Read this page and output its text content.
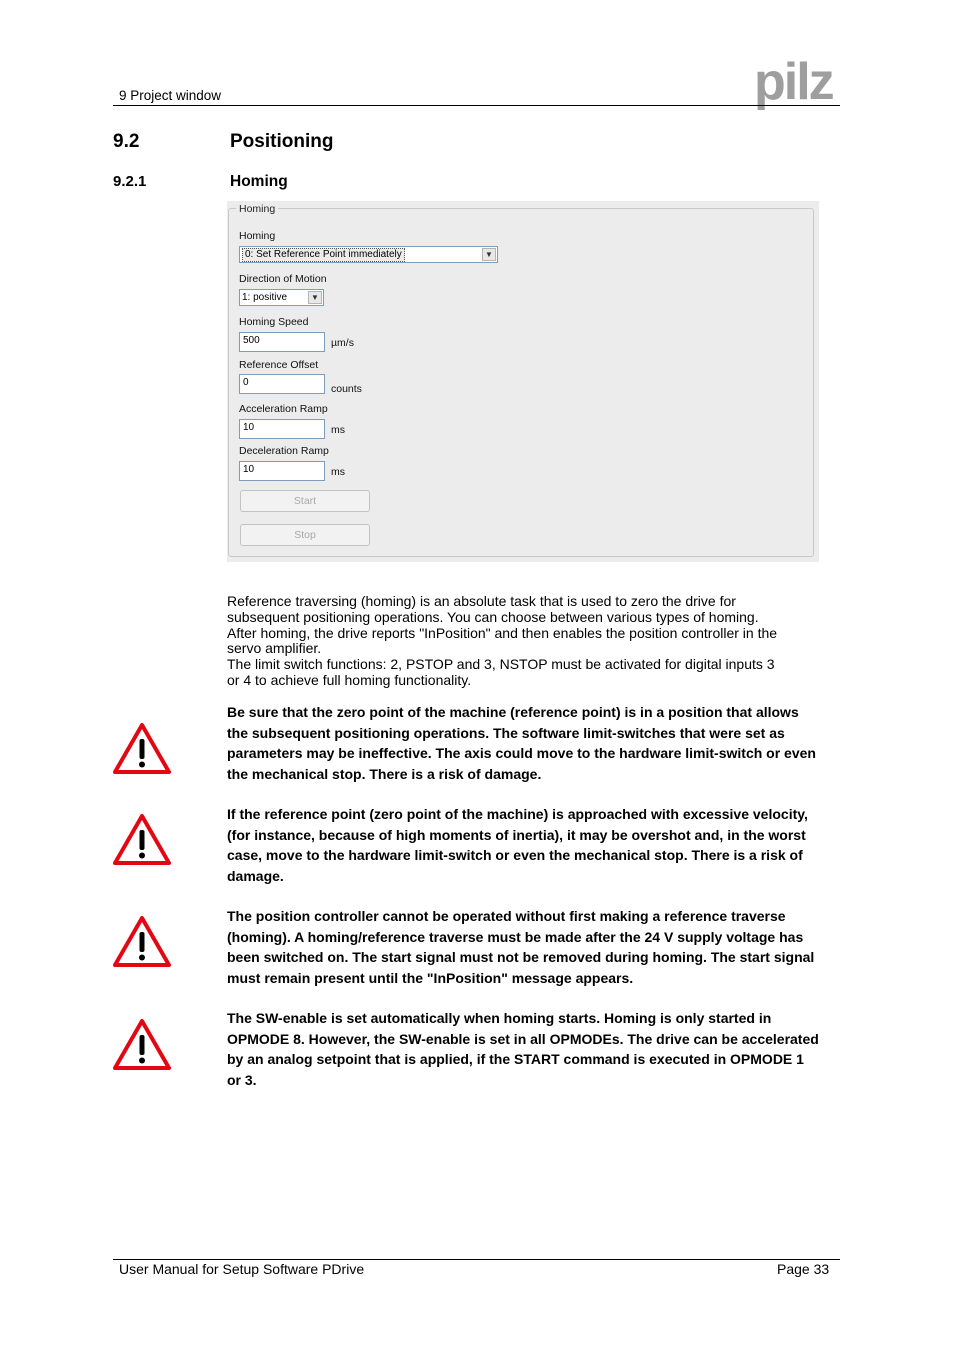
9 Project window	pilz
9.2	Positioning
9.2.1	Homing
Homing
Homing
0: Set Reference Point immediately	▼
Direction of Motion
1: positive	▼
Homing Speed
500	µm/s
Reference Offset
0
counts
Acceleration Ramp
10	ms
Deceleration Ramp
10	ms
Start
Stop

Reference traversing (homing) is an absolute task that is used to zero the drive for

subsequent positioning operations. You can choose between various types of homing.

After homing, the drive reports "InPosition" and then enables the position controller in the

servo amplifier.

The limit switch functions: 2, PSTOP and 3, NSTOP must be activated for digital inputs 3

or 4 to achieve full homing functionality.

Be sure that the zero point of the machine (reference point) is in a position that allows
the subsequent positioning operations. The software limit-switches that were set as
parameters may be ineffective. The axis could move to the hardware limit-switch or even
the mechanical stop. There is a risk of damage.
If the reference point (zero point of the machine) is approached with excessive velocity,
(for instance, because of high moments of inertia), it may be overshot and, in the worst
case, move to the hardware limit-switch or even the mechanical stop. There is a risk of
damage.
The position controller cannot be operated without first making a reference traverse
(homing). A homing/reference traverse must be made after the 24 V supply voltage has
been switched on. The start signal must not be removed during homing. The start signal
must remain present until the "InPosition" message appears.
The SW-enable is set automatically when homing starts. Homing is only started in
OPMODE 8. However, the SW-enable is set in all OPMODEs. The drive can be accelerated
by an analog setpoint that is applied, if the START command is executed in OPMODE 1
or 3.
User Manual for Setup Software PDrive	Page 33
